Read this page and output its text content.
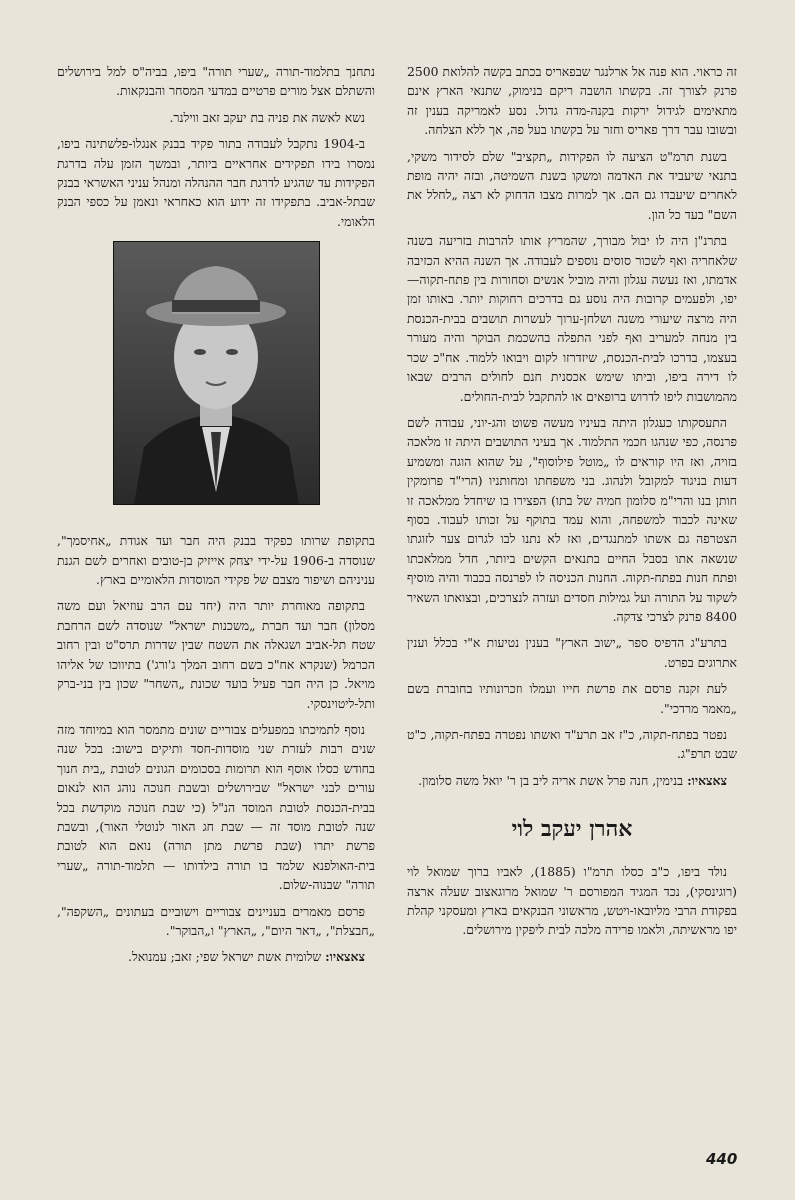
זה כראוי. הוא פנה אל ארלנגר שבפאריס בכתב בקשה להלואת 2500 פרנק לצורך זה. בקשתו הושבה ריקם בנימוק, שתנאי הארץ אינם מתאימים לגידול ירקות בקנה-מדה גדול. נסע לאמריקה בענין זה ובשובו עבר דרך פאריס וחזר על בקשתו בעל פה, אך ללא הצלחה.

בשנת תרמ"ט הציעה לו הפקידות „תקציב" שלם לסידור משקי, בתנאי שיעביד את האדמה ומשקו בשנת השמיטה, ובזה יהיה מופת לאחרים שיעבדו גם הם. אך למרות מצבו הדחוק לא רצה „לחלל את השם" בעד כל הון.

בתרנ"ן היה לו יבול מבורך, שהמריץ אותו להרבות בזריעה בשנה שלאחריה ואף לשכור סוסים נוספים לעבודה. אך השנה ההיא הכזיבה אדמתו, ואז נעשה עגלון והיה מוביל אנשים וסחורות בין פתח-תקוה— יפו, ולפעמים קרובות היה נוסע גם בדרכים רחוקות יותר. באותו זמן היה מרצה שיעורי משנה ושלחן-ערוך לעשרות תושבים בבית-הכנסת בין מנחה למעריב ואף לפני התפלה בהשכמת הבוקר והיה מעורר בעצמו, בדרכו לבית-הכנסת, שיזדרזו לקום ויבואו ללמוד. אח"כ שכר לו דירה ביפו, וביתו שימש אכסנית חנם לחולים הרבים שבאו מהמושבות ליפו לדרוש ברופאים או להתקבל לבית-החולים.

התעסקותו כעגלון היתה בעיניו מעשה פשוט והג-יוני, עבודה לשם פרנסה, כפי שנהגו חכמי התלמוד. אך בעיני התושבים היתה זו מלאכה בזויה, ואז היו קוראים לו „מוטל פילוסוף", על שהוא הוגה ומשמיע דעות בניגוד למקובל ולנהוג. בני משפחתו ומחותניו (הרי"ד פרומקין חותן בנו והרי"מ סלומון חמיה של בתו) הפצירו בו שיחדל ממלאכה זו שאינה לכבוד למשפחה, והוא עמד בתוקף על זכותו לעבוד. בסוף הצטרפה גם אשתו למתנגדים, ואז לא נתנו לבו לגרום צער לזוגתו שנשאה אתו בסבל החיים בתנאים הקשים ביותר, חדל ממלאכתו ופתח חנות בפתח-תקוה. החנות הכניסה לו לפרנסה בכבוד והיה מוסיף לשקוד על התורה ועל גמילות חסדים ועזרה לנצרכים, ובצואתו השאיר 8400 פרנק לצרכי צדקה.

בתרע"ג הדפיס ספר „ישוב הארץ" בענין נטיעות א"י בכלל וענין אתרוגים בפרט.

לעת זקנה פרסם את פרשת חייו ועמלו וזכרונותיו בחוברת בשם „מאמר מרדכי".

נפטר בפתח-תקוה, כ"ז אב תרע"ד ואשתו נפטרה בפתח-תקוה, כ"ט שבט תרפ"ג.

צאצאיו: בנימין, חנה פרל אשת אריה ליב בן ר' יואל משה סלומון.

אהרן יעקב לוי

נולד ביפו, כ"ב כסלו תרמ"ו (1885), לאביו ברוך שמואל לוי (רוגינסקי), נכד המגיד המפורסם ר' שמואל מרוגאצוב שעלה ארצה בפקודת הרבי מליובאו-ויטש, מראשוני הבנקאים בארץ ומעסקני קהלת יפו מראשיתה, ולאמו פרידה מלכה לבית ליפקין מירושלים.

נתחנך בתלמוד-תורה „שערי תורה" ביפו, בביה"ס למל בירושלים והשתלם אצל מורים פרטיים במדעי המסחר והבנקאות.

נשא לאשה את פניה בת יעקב זאב ווילנר.

ב-1904 נתקבל לעבודה בתור פקיד בבנק אנגלו-פלשתינה ביפו, נמסרו בידו תפקידים אחראיים ביותר, ובמשך הזמן עלה בדרגת הפקידות עד שהגיע לדרגת חבר ההנהלה ומנהל עניני האשראי בבנק שבתל-אביב. בתפקידו זה ידוע הוא כאחראי ונאמן על כספי הבנק הלאומי.

בתקופת שרותו כפקיד בבנק היה חבר ועד אגודת „אחיסמך", שנוסדה ב-1906 על-ידי יצחק אייזיק בן-טובים ואחרים לשם הגנת עניניהם ושיפור מצבם של פקידי המוסדות הלאומיים בארץ.

בתקופה מאוחרת יותר היה (יחד עם הרב עוזיאל ועם משה מסלון) חבר ועד חברת „משכנות ישראל" שנוסדה לשם הרחבת שטח תל-אביב ושגאלה את השטח שבין שדרות תרס"ט ובין רחוב הכרמל (שנקרא אח"כ בשם רחוב המלך ג'ורג') בתיווכו של אליהו מויאל. כן היה חבר פעיל בועד שכונת „השחר" שכון בין בני-ברק ותל-ליטוינסקי.

נוסף לתמיכתו במפעלים צבוריים שונים מתמסר הוא במיוחד מזה שנים רבות לעזרת שני מוסדות-חסד ותיקים בישוב: בכל שנה בחודש כסלו אוסף הוא תרומות בסכומים הגונים לטובת „בית חנוך עורים לבני ישראל" שבירושלים ובשבת חנוכה נוהג הוא לנאום בבית-הכנסת לטובת המוסד הנ"ל (כי שבת חנוכה מוקדשת בכל שנה לטובת מוסד זה — שבת חג האור לנוטלי האור), ובשבת פרשת יתרו (שבת פרשת מתן תורה) נואם הוא לטובת בית-האולפנא שלמד בו תורה בילדותו — תלמוד-תורה „שערי תורה" שבנוה-שלום.

פרסם מאמרים בעניינים צבוריים וישוביים בעתונים „השקפה", „חבצלת", „דאר היום", „הארץ" ו„הבוקר".

צאצאיו: שלומית אשת ישראל שפי; זאב; עמנואל.

440
